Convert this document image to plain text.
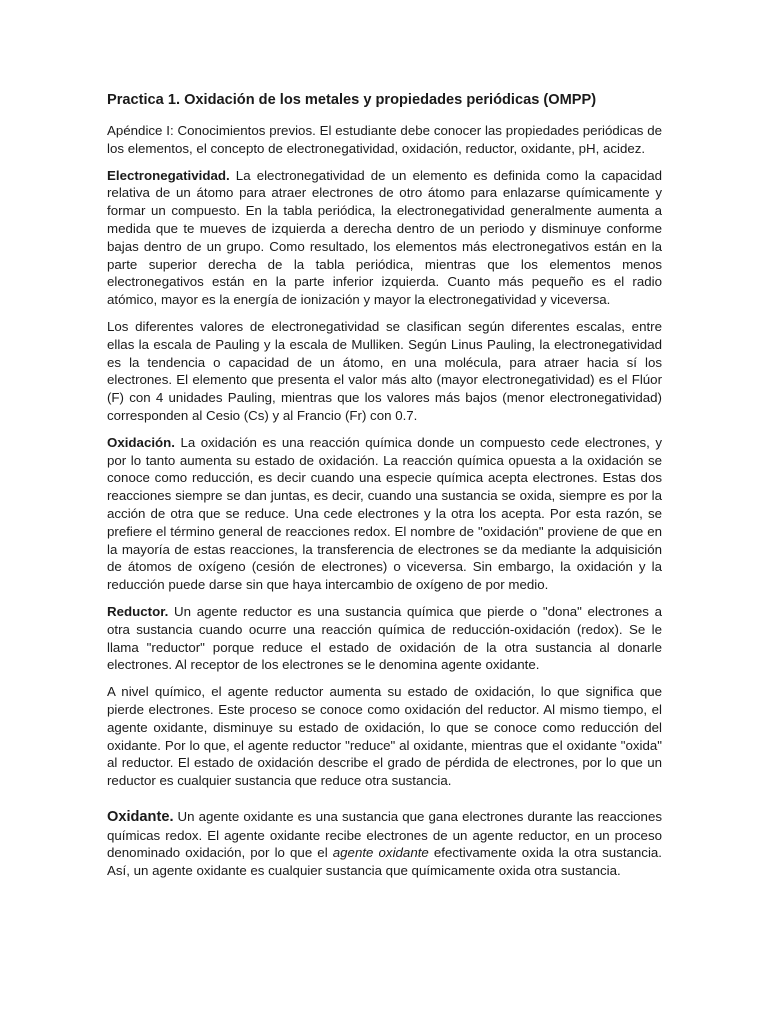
Practica 1. Oxidación de los metales y propiedades periódicas (OMPP)

Apéndice I: Conocimientos previos. El estudiante debe conocer las propiedades periódicas de los elementos, el concepto de electronegatividad, oxidación, reductor, oxidante, pH, acidez.

Electronegatividad. La electronegatividad de un elemento es definida como la capacidad relativa de un átomo para atraer electrones de otro átomo para enlazarse químicamente y formar un compuesto. En la tabla periódica, la electronegatividad generalmente aumenta a medida que te mueves de izquierda a derecha dentro de un periodo y disminuye conforme bajas dentro de un grupo. Como resultado, los elementos más electronegativos están en la parte superior derecha de la tabla periódica, mientras que los elementos menos electronegativos están en la parte inferior izquierda. Cuanto más pequeño es el radio atómico, mayor es la energía de ionización y mayor la electronegatividad y viceversa.

Los diferentes valores de electronegatividad se clasifican según diferentes escalas, entre ellas la escala de Pauling y la escala de Mulliken. Según Linus Pauling, la electronegatividad es la tendencia o capacidad de un átomo, en una molécula, para atraer hacia sí los electrones. El elemento que presenta el valor más alto (mayor electronegatividad) es el Flúor (F) con 4 unidades Pauling, mientras que los valores más bajos (menor electronegatividad) corresponden al Cesio (Cs) y al Francio (Fr) con 0.7.

Oxidación. La oxidación es una reacción química donde un compuesto cede electrones, y por lo tanto aumenta su estado de oxidación. La reacción química opuesta a la oxidación se conoce como reducción, es decir cuando una especie química acepta electrones. Estas dos reacciones siempre se dan juntas, es decir, cuando una sustancia se oxida, siempre es por la acción de otra que se reduce. Una cede electrones y la otra los acepta. Por esta razón, se prefiere el término general de reacciones redox. El nombre de "oxidación" proviene de que en la mayoría de estas reacciones, la transferencia de electrones se da mediante la adquisición de átomos de oxígeno (cesión de electrones) o viceversa. Sin embargo, la oxidación y la reducción puede darse sin que haya intercambio de oxígeno de por medio.

Reductor. Un agente reductor es una sustancia química que pierde o "dona" electrones a otra sustancia cuando ocurre una reacción química de reducción-oxidación (redox). Se le llama "reductor" porque reduce el estado de oxidación de la otra sustancia al donarle electrones. Al receptor de los electrones se le denomina agente oxidante.

A nivel químico, el agente reductor aumenta su estado de oxidación, lo que significa que pierde electrones. Este proceso se conoce como oxidación del reductor. Al mismo tiempo, el agente oxidante, disminuye su estado de oxidación, lo que se conoce como reducción del oxidante. Por lo que, el agente reductor "reduce" al oxidante, mientras que el oxidante "oxida" al reductor. El estado de oxidación describe el grado de pérdida de electrones, por lo que un reductor es cualquier sustancia que reduce otra sustancia.

Oxidante. Un agente oxidante es una sustancia que gana electrones durante las reacciones químicas redox. El agente oxidante recibe electrones de un agente reductor, en un proceso denominado oxidación, por lo que el agente oxidante efectivamente oxida la otra sustancia. Así, un agente oxidante es cualquier sustancia que químicamente oxida otra sustancia.
